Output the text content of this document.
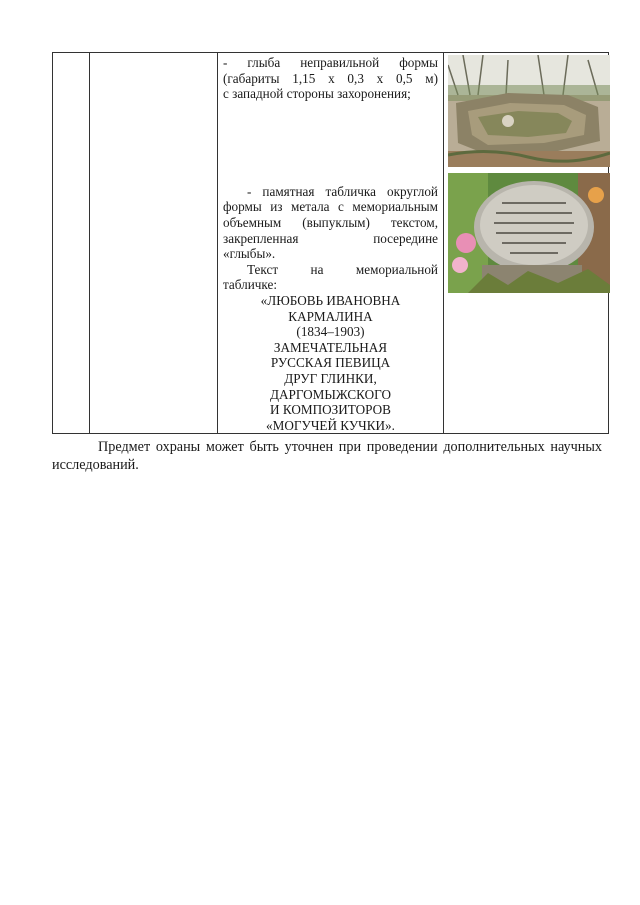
- глыба неправильной формы

(габариты 1,15 х 0,3 х 0,5 м)

с западной стороны захоронения;

- памятная табличка округлой

формы из метала с мемориальным

объемным (выпуклым) текстом,

закрепленная посередине

«глыбы».

Текст на мемориальной

табличке:

«ЛЮБОВЬ ИВАНОВНА

КАРМАЛИНА

(1834–1903)

ЗАМЕЧАТЕЛЬНАЯ

РУССКАЯ ПЕВИЦА

ДРУГ ГЛИНКИ,

ДАРГОМЫЖСКОГО

И КОМПОЗИТОРОВ

«МОГУЧЕЙ КУЧКИ».

Предмет охраны может быть уточнен при проведении дополнительных научных исследований.
